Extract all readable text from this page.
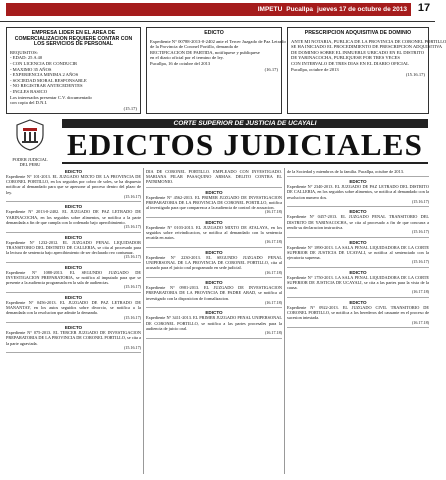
IMPETU Pucallpa jueves 17 de octubre de 2013 17
EMPRESA LIDER EN EL AREA DE COMERCIALIZACION REQUIERE CONTAR CON LOS SERVICIOS DE PERSONAL
REQUISITOS:
- EDAD: 25 A 40
- CON LICENCIA DE CONDUCIR
- MAXIMO 35 AÑOS
- EXPERIENCIA MINIMA 2 AÑOS
- SOCIEDAD MORAL RESPONSABLE
- NO REGISTRAR ANTECEDENTES
- INGLES BASICO
Los interesados presentar C.V. documentado
con copia del D.N.I.
(15.17)
EDICTO
Expediente N° 00788-2013-0-2402 ante el Tercer Juzgado de Paz Letrado
de la Provincia de Coronel Portillo, demanda de
RECTIFICACION DE PARTIDA, notifiquese y publiquese
en el diario oficial por el termino de ley.
Pucallpa, 16 de octubre del 2013
(16.17)
PRESCRIPCION ADQUISITIVA DE DOMINIO
ANTE MI NOTARIA, PUBLICA DE LA PROVINCIA DE CORONEL PORTILLO
SE HA INICIADO EL PROCEDIMIENTO DE PRESCRIPCION ADQUISITIVA
DE DOMINIO SOBRE EL INMUEBLE UBICADO EN EL DISTRITO
DE YARINACOCHA, PUBLIQUESE POR TRES VECES
CON INTERVALO DE TRES DIAS EN EL DIARIO OFICIAL
Pucallpa, octubre de 2013
(15.16.17)
PODER JUDICIAL DEL PERU
CORTE SUPERIOR DE JUSTICIA DE UCAYALI
EDICTOS JUDICIALES
EDICTO
Expediente N° 101-2013. EL JUZGADO MIXTO DE LA PROVINCIA DE CORONEL PORTILLO, en los seguidos por cobro de soles, se ha dispuesto notificar al demandado para que se apersone al proceso dentro del plazo de ley.
(15.16.17)
EDICTO
Expediente N° 2013-0-2402. EL JUZGADO DE PAZ LETRADO DE YARINACOCHA, en los seguidos sobre alimentos, se notifica a la parte demandada a fin de que cumpla con lo ordenado bajo apercibimiento.
(15.16.17)
EDICTO
Expediente N° 1232-2012. EL JUZGADO PENAL LIQUIDADOR TRANSITORIO DEL DISTRITO DE CALLERIA, se cita al procesado para la lectura de sentencia bajo apercibimiento de ser declarado reo contumaz.
(15.16.17)
EDICTO
Expediente N° 1088-2013. EL SEGUNDO JUZGADO DE INVESTIGACION PREPARATORIA, se notifica al imputado para que se presente a la audiencia programada en la sala de audiencias.
(15.16.17)
EDICTO
Expediente N° 0456-2013. EL JUZGADO DE PAZ LETRADO DE MANANTAY, en los autos seguidos sobre divorcio, se notifica a la demandada con la resolucion que admite la demanda.
(15.16.17)
EDICTO
Expediente N° 075-2013. EL TERCER JUZGADO DE INVESTIGACION PREPARATORIA DE LA PROVINCIA DE CORONEL PORTILLO, se cita a la parte agraviada.
(15.16.17)
DIA DE CORONEL PORTILLO. EMPLEADO CON INVESTIGADO. MARIANA PILAR PASAQUINO ARMAS. DELITO CONTRA EL PATRIMONIO.
EDICTO
Expediente N° 4562-2013. EL PRIMER JUZGADO DE INVESTIGACION PREPARATORIA DE LA PROVINCIA DE CORONEL PORTILLO, notifica al investigado para que comparezca a la audiencia de control de acusacion.
(16.17.18)
EDICTO
Expediente N° 0103-2013. EL JUZGADO MIXTO DE ATALAYA, en los seguidos sobre reivindicacion, se notifica al demandado con la sentencia recaida en autos.
(16.17.18)
EDICTO
Expediente N° 2230-2013. EL SEGUNDO JUZGADO PENAL UNIPERSONAL DE LA PROVINCIA DE CORONEL PORTILLO, cita al acusado para el juicio oral programado en sede judicial.
(16.17.18)
EDICTO
Expediente N° 0981-2013. EL JUZGADO DE INVESTIGACION PREPARATORIA DE LA PROVINCIA DE PADRE ABAD, se notifica al investigado con la disposicion de formalizacion.
(16.17.18)
EDICTO
Expediente N° 3411-2013. EL PRIMER JUZGADO PENAL UNIPERSONAL DE CORONEL PORTILLO, se notifica a las partes procesales para la audiencia de juicio oral.
(16.17.18)
de la Sociedad y miembros de la familia. Pucallpa, octubre de 2013.
EDICTO
Expediente N° 2340-2013. EL JUZGADO DE PAZ LETRADO DEL DISTRITO DE CALLERIA, en los seguidos sobre alimentos, se notifica al demandado con la resolucion numero dos.
(15.16.17)
EDICTO
Expediente N° 0457-2013. EL JUZGADO PENAL TRANSITORIO DEL DISTRITO DE YARINACOCHA, se cita al procesado a fin de que concurra a rendir su declaracion instructiva.
(15.16.17)
EDICTO
Expediente N° 1890-2013. LA SALA PENAL LIQUIDADORA DE LA CORTE SUPERIOR DE JUSTICIA DE UCAYALI, se notifica al sentenciado con la ejecutoria suprema.
(15.16.17)
EDICTO
Expediente N° 1750-2013. LA SALA PENAL LIQUIDADORA DE LA CORTE SUPERIOR DE JUSTICIA DE UCAYALI, se cita a las partes para la vista de la causa.
(16.17.18)
EDICTO
Expediente N° 0922-2013. EL JUZGADO CIVIL TRANSITORIO DE CORONEL PORTILLO, se notifica a los herederos del causante en el proceso de sucesion intestada.
(16.17.18)
